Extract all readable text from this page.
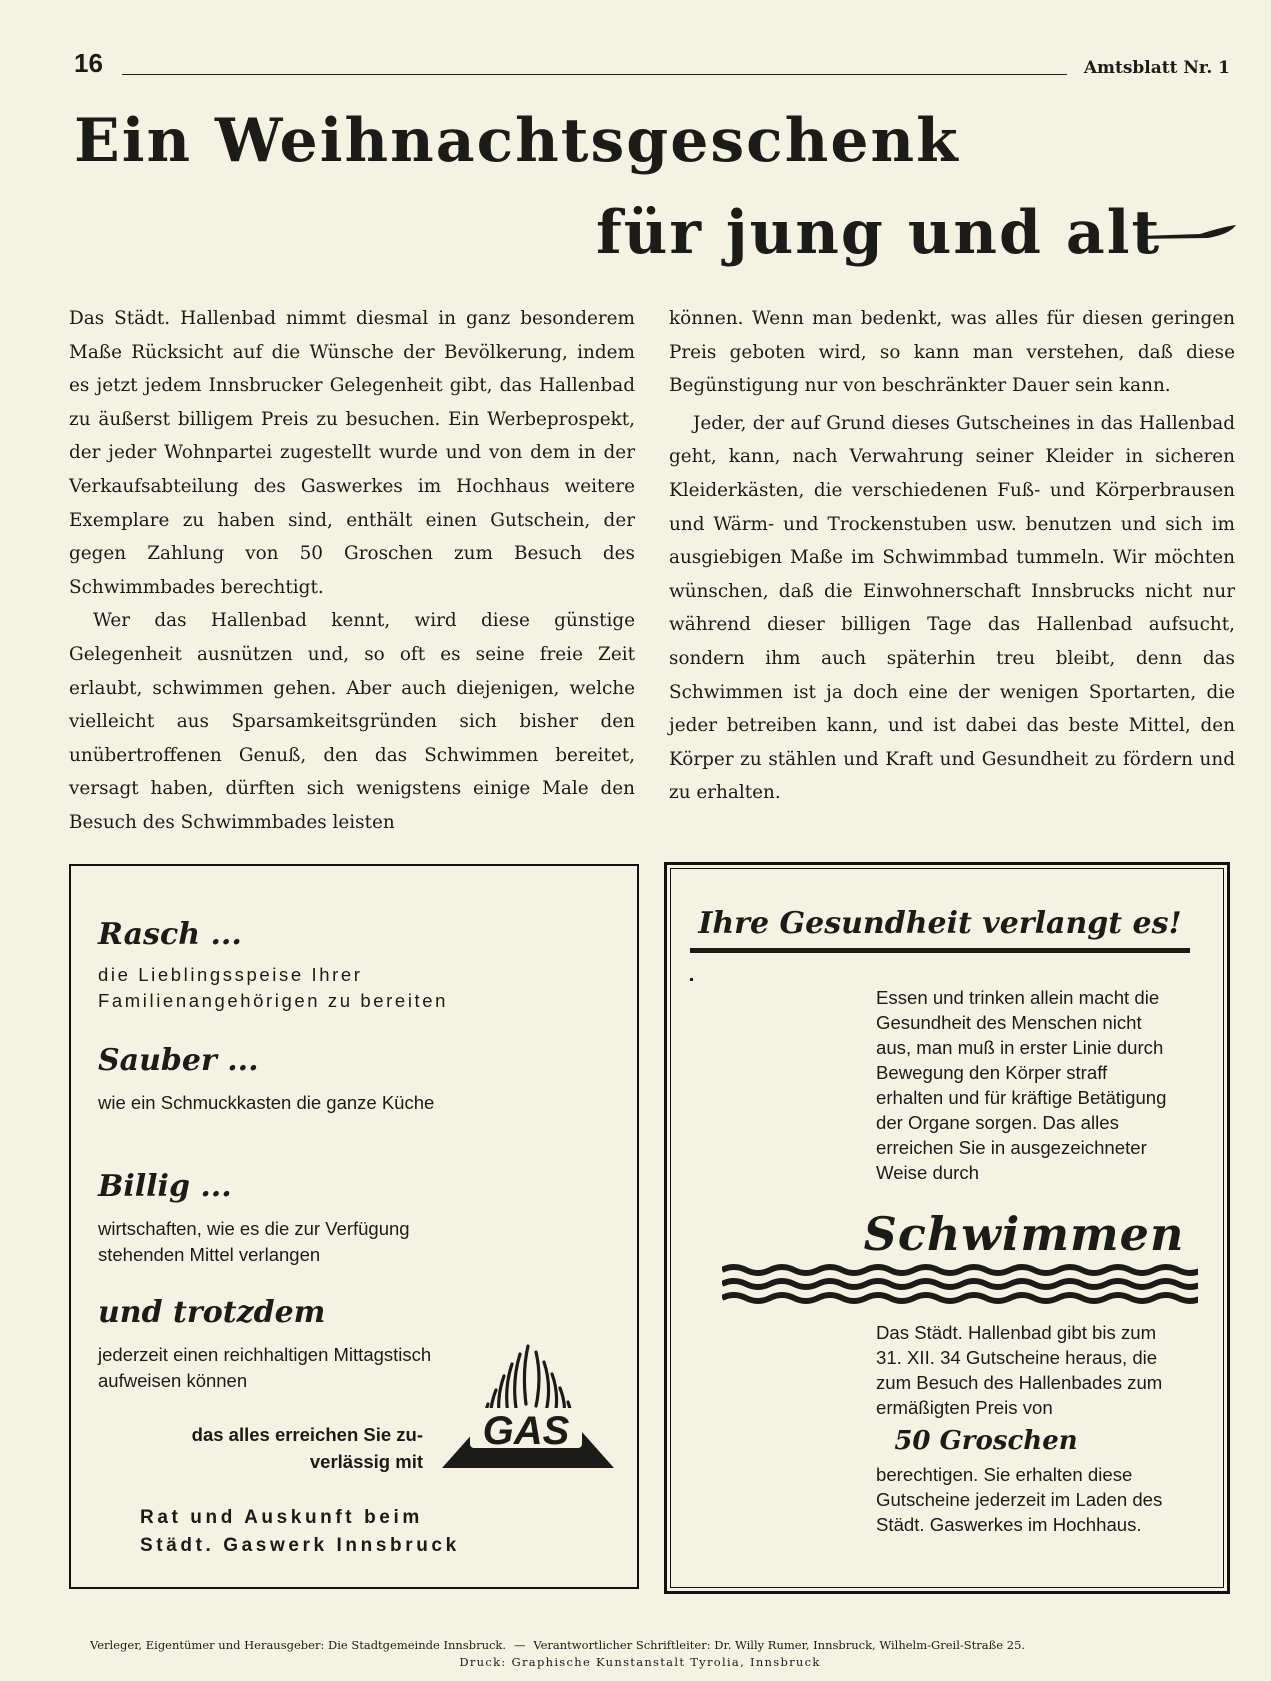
16	Amtsblatt Nr. 1
Ein Weihnachtsgeschenk
für jung und alt

Das Städt. Hallenbad nimmt diesmal in ganz besonderem Maße Rücksicht auf die Wünsche der Bevölkerung, indem es jetzt jedem Innsbrucker Gelegenheit gibt, das Hallenbad zu äußerst billigem Preis zu besuchen. Ein Werbeprospekt, der jeder Wohnpartei zugestellt wurde und von dem in der Verkaufsabteilung des Gaswerkes im Hochhaus weitere Exemplare zu haben sind, enthält einen Gutschein, der gegen Zahlung von 50 Groschen zum Besuch des Schwimmbades berechtigt.

Wer das Hallenbad kennt, wird diese günstige Gelegenheit ausnützen und, so oft es seine freie Zeit erlaubt, schwimmen gehen. Aber auch diejenigen, welche vielleicht aus Sparsamkeitsgründen sich bisher den unübertroffenen Genuß, den das Schwimmen bereitet, versagt haben, dürften sich wenigstens einige Male den Besuch des Schwimmbades leisten

können. Wenn man bedenkt, was alles für diesen geringen Preis geboten wird, so kann man verstehen, daß diese Begünstigung nur von beschränkter Dauer sein kann.

Jeder, der auf Grund dieses Gutscheines in das Hallenbad geht, kann, nach Verwahrung seiner Kleider in sicheren Kleiderkästen, die verschiedenen Fuß- und Körperbrausen und Wärm- und Trockenstuben usw. benutzen und sich im ausgiebigen Maße im Schwimmbad tummeln. Wir möchten wünschen, daß die Einwohnerschaft Innsbrucks nicht nur während dieser billigen Tage das Hallenbad aufsucht, sondern ihm auch späterhin treu bleibt, denn das Schwimmen ist ja doch eine der wenigen Sportarten, die jeder betreiben kann, und ist dabei das beste Mittel, den Körper zu stählen und Kraft und Gesundheit zu fördern und zu erhalten.

Rasch ...
die Lieblingsspeise Ihrer Familienangehörigen zu bereiten
Sauber ...
wie ein Schmuckkasten die ganze Küche
Billig ...
wirtschaften, wie es die zur Verfügung stehenden Mittel verlangen
und trotzdem
jederzeit einen reichhaltigen Mittagstisch aufweisen können
das alles erreichen Sie zu-
verlässig mit
GAS
Rat und Auskunft beim
Städt. Gaswerk Innsbruck
Ihre Gesundheit verlangt es!
Essen und trinken allein macht die Gesundheit des Menschen nicht aus, man muß in erster Linie durch Bewegung den Körper straff erhalten und für kräftige Betätigung der Organe sorgen. Das alles erreichen Sie in ausgezeichneter Weise durch
Schwimmen
Das Städt. Hallenbad gibt bis zum 31. XII. 34 Gutscheine heraus, die zum Besuch des Hallenbades zum ermäßigten Preis von
50 Groschen
berechtigen. Sie erhalten diese Gutscheine jederzeit im Laden des Städt. Gaswerkes im Hochhaus.
Verleger, Eigentümer und Herausgeber: Die Stadtgemeinde Innsbruck. — Verantwortlicher Schriftleiter: Dr. Willy Rumer, Innsbruck, Wilhelm-Greil-Straße 25.
Druck: Graphische Kunstanstalt Tyrolia, Innsbruck
